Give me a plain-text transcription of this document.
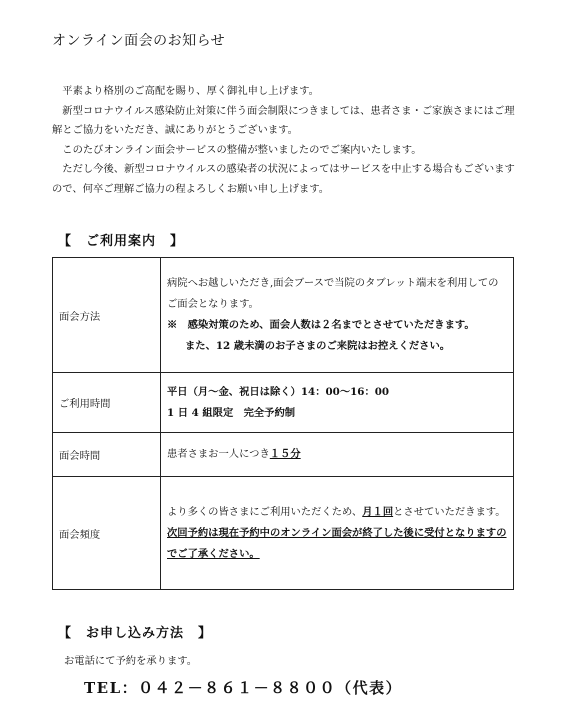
オンライン面会のお知らせ

平素より格別のご高配を賜り、厚く御礼申し上げます。

新型コロナウイルス感染防止対策に伴う面会制限につきましては、患者さま・ご家族さまにはご理解とご協力をいただき、誠にありがとうございます。

このたびオンライン面会サービスの整備が整いましたのでご案内いたします。

ただし今後、新型コロナウイルスの感染者の状況によってはサービスを中止する場合もございますので、何卒ご理解ご協力の程よろしくお願い申し上げます。

【　ご利用案内　】
面会方法	病院へお越しいただき,面会ブースで当院のタブレット端末を利用してのご面会となります。
※　感染対策のため、面会人数は２名までとさせていただきます。
また、12 歳未満のお子さまのご来院はお控えください。

ご利用時間	平日（月～金、祝日は除く）14：00～16：00
1 日 4 組限定　完全予約制

面会時間	患者さまお一人につき１５分
面会頻度	より多くの皆さまにご利用いただくため、月１回とさせていただきます。
次回予約は現在予約中のオンライン面会が終了した後に受付となりますのでご了承ください。
【　お申し込み方法　】
お電話にて予約を承ります。
TEL：０４２－８６１－８８００（代表）
